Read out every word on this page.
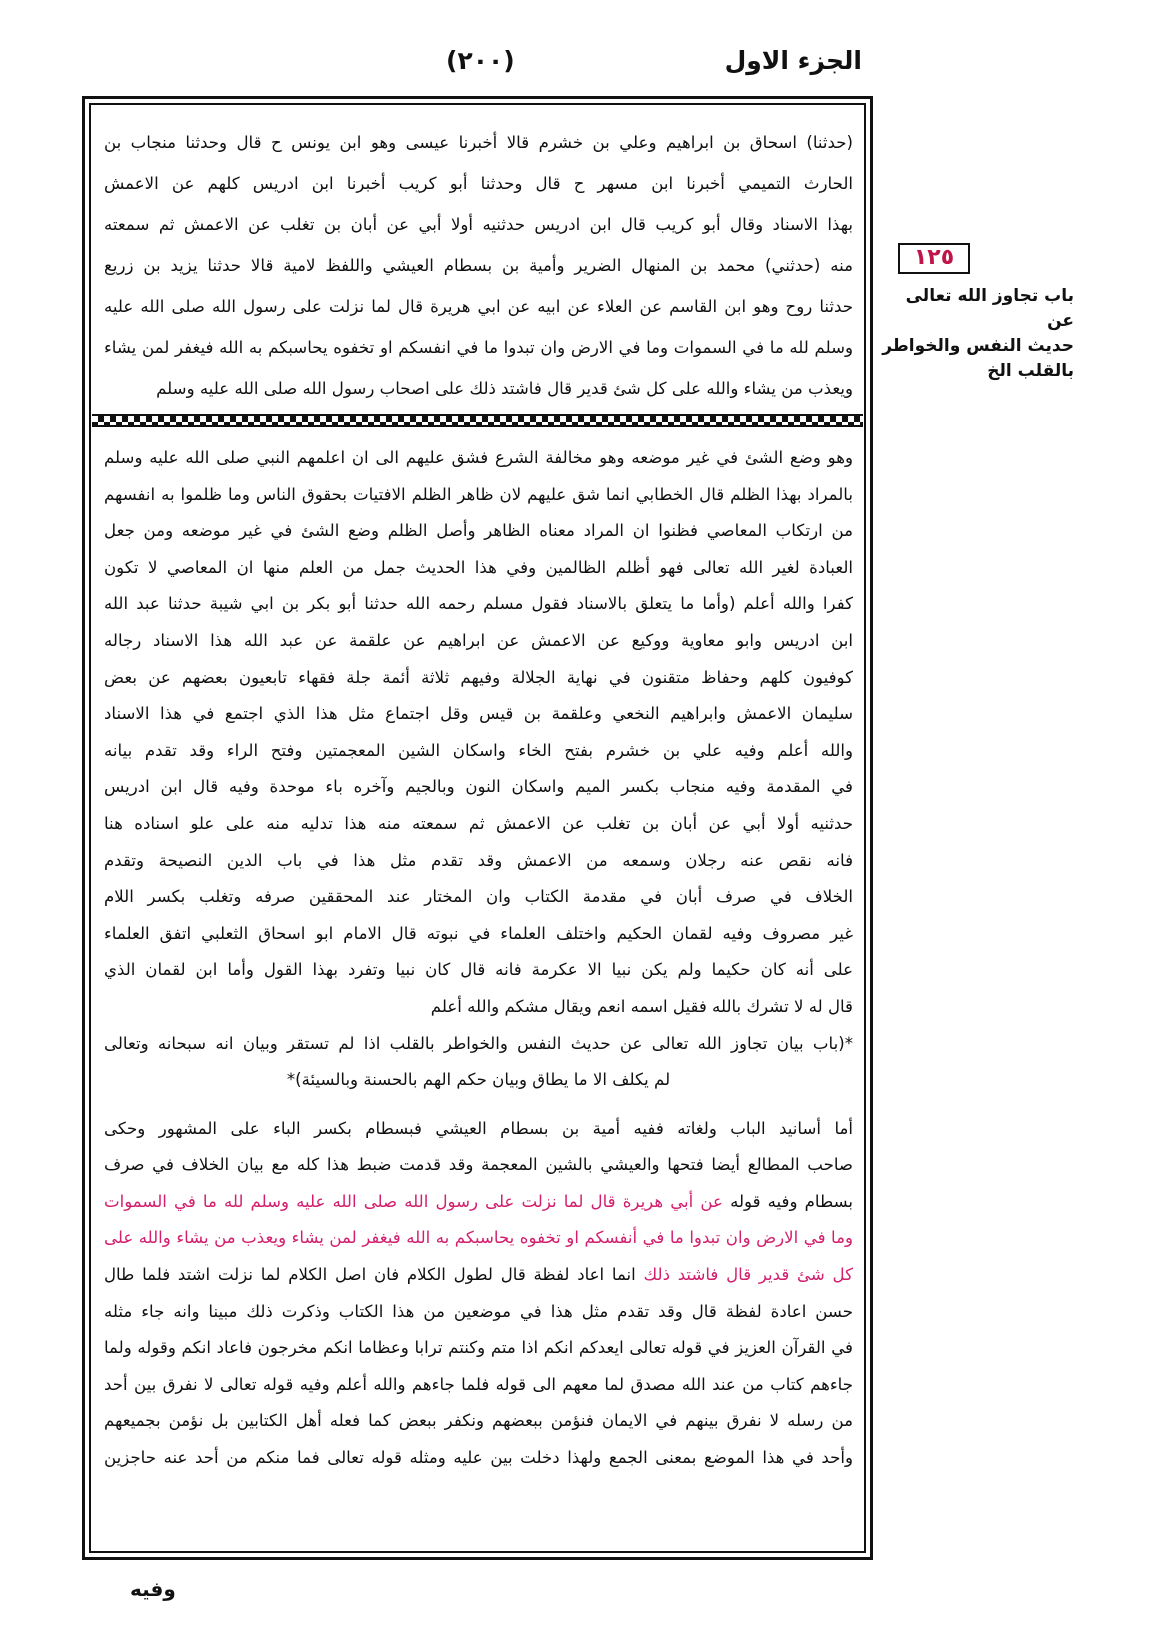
الجزء الاول
(٢٠٠)

(حدثنا) اسحاق بن ابراهيم وعلي بن خشرم قالا أخبرنا عيسى وهو ابن يونس ح قال وحدثنا منجاب بن

الحارث التميمي أخبرنا ابن مسهر ح قال وحدثنا أبو كريب أخبرنا ابن ادريس كلهم عن الاعمش

بهذا الاسناد وقال أبو كريب قال ابن ادريس حدثنيه أولا أبي عن أبان بن تغلب عن الاعمش ثم سمعته

منه (حدثني) محمد بن المنهال الضرير وأمية بن بسطام العيشي واللفظ لامية قالا حدثنا يزيد بن زريع

حدثنا روح وهو ابن القاسم عن العلاء عن ابيه عن ابي هريرة قال لما نزلت على رسول الله صلى الله عليه

وسلم لله ما في السموات وما في الارض وان تبدوا ما في انفسكم او تخفوه يحاسبكم به الله فيغفر لمن يشاء

ويعذب من يشاء والله على كل شئ قدير قال فاشتد ذلك على اصحاب رسول الله صلى الله عليه وسلم

١٢٥
باب تجاوز الله تعالى عن
حديث النفس والخواطر
بالقلب الخ
وهو وضع الشئ في غير موضعه وهو مخالفة الشرع فشق عليهم الى ان اعلمهم النبي صلى الله عليه وسلم
بالمراد بهذا الظلم قال الخطابي انما شق عليهم لان ظاهر الظلم الافتيات بحقوق الناس وما ظلموا به انفسهم
من ارتكاب المعاصي فظنوا ان المراد معناه الظاهر وأصل الظلم وضع الشئ في غير موضعه ومن جعل
العبادة لغير الله تعالى فهو أظلم الظالمين وفي هذا الحديث جمل من العلم منها ان المعاصي لا تكون
كفرا والله أعلم (وأما ما يتعلق بالاسناد فقول مسلم رحمه الله حدثنا أبو بكر بن ابي شيبة حدثنا عبد الله
ابن ادريس وابو معاوية ووكيع عن الاعمش عن ابراهيم عن علقمة عن عبد الله هذا الاسناد رجاله
كوفيون كلهم وحفاظ متقنون في نهاية الجلالة وفيهم ثلاثة أئمة جلة فقهاء تابعيون بعضهم عن بعض
سليمان الاعمش وابراهيم النخعي وعلقمة بن قيس وقل اجتماع مثل هذا الذي اجتمع في هذا الاسناد
والله أعلم وفيه علي بن خشرم بفتح الخاء واسكان الشين المعجمتين وفتح الراء وقد تقدم بيانه
في المقدمة وفيه منجاب بكسر الميم واسكان النون وبالجيم وآخره باء موحدة وفيه قال ابن ادريس
حدثنيه أولا أبي عن أبان بن تغلب عن الاعمش ثم سمعته منه هذا تدليه منه على علو اسناده هنا
فانه نقص عنه رجلان وسمعه من الاعمش وقد تقدم مثل هذا في باب الدين النصيحة وتقدم
الخلاف في صرف أبان في مقدمة الكتاب وان المختار عند المحققين صرفه وتغلب بكسر اللام
غير مصروف وفيه لقمان الحكيم واختلف العلماء في نبوته قال الامام ابو اسحاق الثعلبي اتفق العلماء
على أنه كان حكيما ولم يكن نبيا الا عكرمة فانه قال كان نبيا وتفرد بهذا القول وأما ابن لقمان الذي
قال له لا تشرك بالله فقيل اسمه انعم ويقال مشكم والله أعلم
*(باب بيان تجاوز الله تعالى عن حديث النفس والخواطر بالقلب اذا لم تستقر وبيان انه سبحانه وتعالى
لم يكلف الا ما يطاق وبيان حكم الهم بالحسنة وبالسيئة)*
أما أسانيد الباب ولغاته ففيه أمية بن بسطام العيشي فبسطام بكسر الباء على المشهور وحكى
صاحب المطالع أيضا فتحها والعيشي بالشين المعجمة وقد قدمت ضبط هذا كله مع بيان الخلاف في صرف
بسطام وفيه قوله عن أبي هريرة قال لما نزلت على رسول الله صلى الله عليه وسلم لله ما في السموات
وما في الارض وان تبدوا ما في أنفسكم او تخفوه يحاسبكم به الله فيغفر لمن يشاء ويعذب من يشاء والله على
كل شئ قدير قال فاشتد ذلك انما اعاد لفظة قال لطول الكلام فان اصل الكلام لما نزلت اشتد فلما طال
حسن اعادة لفظة قال وقد تقدم مثل هذا في موضعين من هذا الكتاب وذكرت ذلك مبينا وانه جاء مثله
في القرآن العزيز في قوله تعالى ايعدكم انكم اذا متم وكنتم ترابا وعظاما انكم مخرجون فاعاد انكم وقوله ولما
جاءهم كتاب من عند الله مصدق لما معهم الى قوله فلما جاءهم والله أعلم وفيه قوله تعالى لا نفرق بين أحد
من رسله لا نفرق بينهم في الايمان فنؤمن ببعضهم ونكفر ببعض كما فعله أهل الكتابين بل نؤمن بجميعهم
وأحد في هذا الموضع بمعنى الجمع ولهذا دخلت بين عليه ومثله قوله تعالى فما منكم من أحد عنه حاجزين
وفيه
